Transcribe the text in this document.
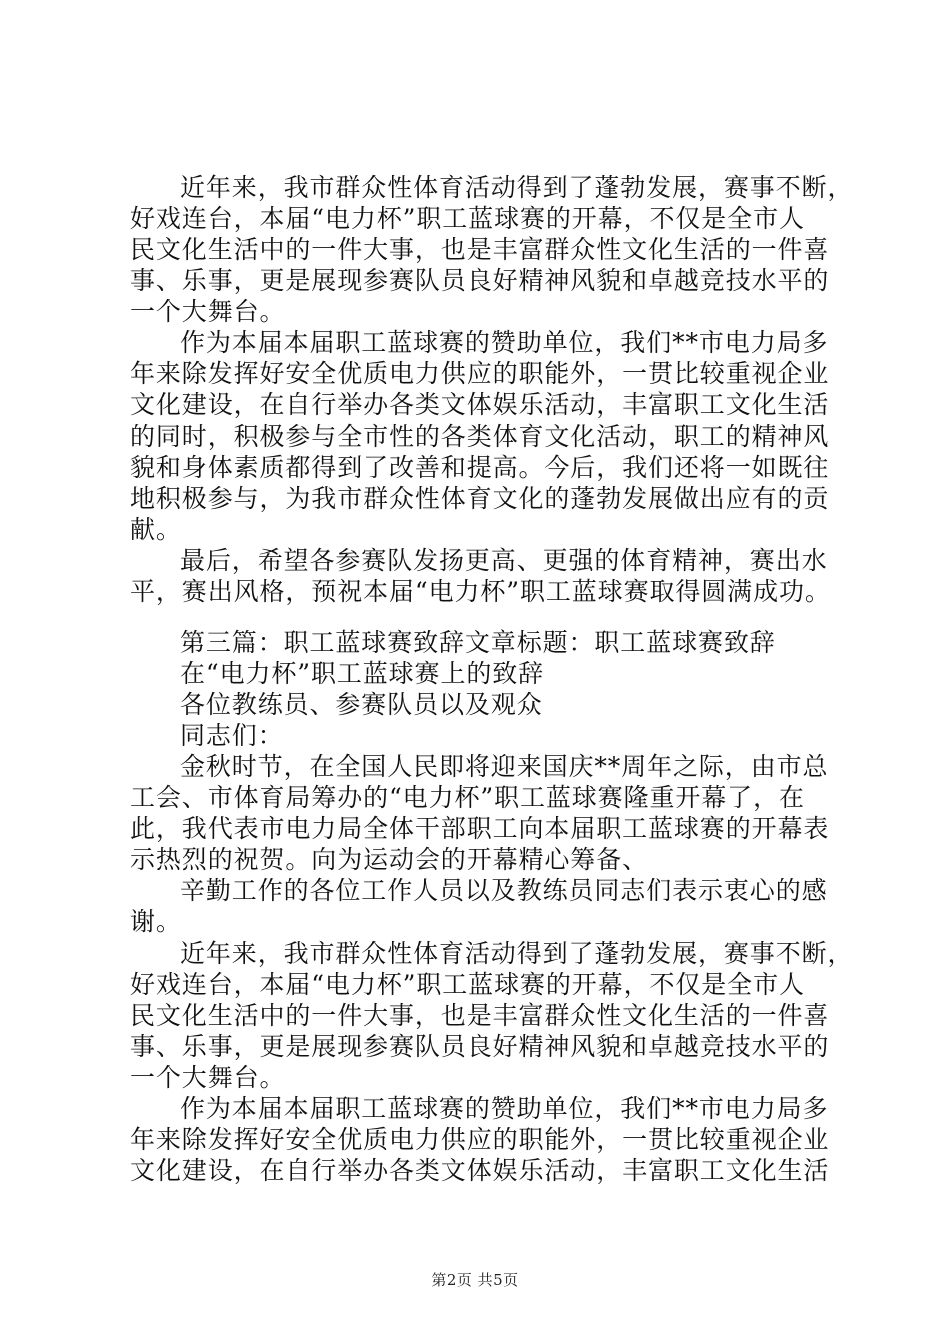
近年来，我市群众性体育活动得到了蓬勃发展，赛事不断，
好戏连台，本届“电力杯”职工蓝球赛的开幕，不仅是全市人
民文化生活中的一件大事，也是丰富群众性文化生活的一件喜
事、乐事，更是展现参赛队员良好精神风貌和卓越竞技水平的
一个大舞台。
作为本届本届职工蓝球赛的赞助单位，我们**市电力局多
年来除发挥好安全优质电力供应的职能外，一贯比较重视企业
文化建设，在自行举办各类文体娱乐活动，丰富职工文化生活
的同时，积极参与全市性的各类体育文化活动，职工的精神风
貌和身体素质都得到了改善和提高。今后，我们还将一如既往
地积极参与，为我市群众性体育文化的蓬勃发展做出应有的贡
献。
最后，希望各参赛队发扬更高、更强的体育精神，赛出水
平，赛出风格，预祝本届“电力杯”职工蓝球赛取得圆满成功。
第三篇：职工蓝球赛致辞文章标题：职工蓝球赛致辞
在“电力杯”职工蓝球赛上的致辞
各位教练员、参赛队员以及观众
同志们：
金秋时节，在全国人民即将迎来国庆**周年之际，由市总
工会、市体育局筹办的“电力杯”职工蓝球赛隆重开幕了，在
此，我代表市电力局全体干部职工向本届职工蓝球赛的开幕表
示热烈的祝贺。向为运动会的开幕精心筹备、
辛勤工作的各位工作人员以及教练员同志们表示衷心的感
谢。
近年来，我市群众性体育活动得到了蓬勃发展，赛事不断，
好戏连台，本届“电力杯”职工蓝球赛的开幕，不仅是全市人
民文化生活中的一件大事，也是丰富群众性文化生活的一件喜
事、乐事，更是展现参赛队员良好精神风貌和卓越竞技水平的
一个大舞台。
作为本届本届职工蓝球赛的赞助单位，我们**市电力局多
年来除发挥好安全优质电力供应的职能外，一贯比较重视企业
文化建设，在自行举办各类文体娱乐活动，丰富职工文化生活
第2页 共5页
